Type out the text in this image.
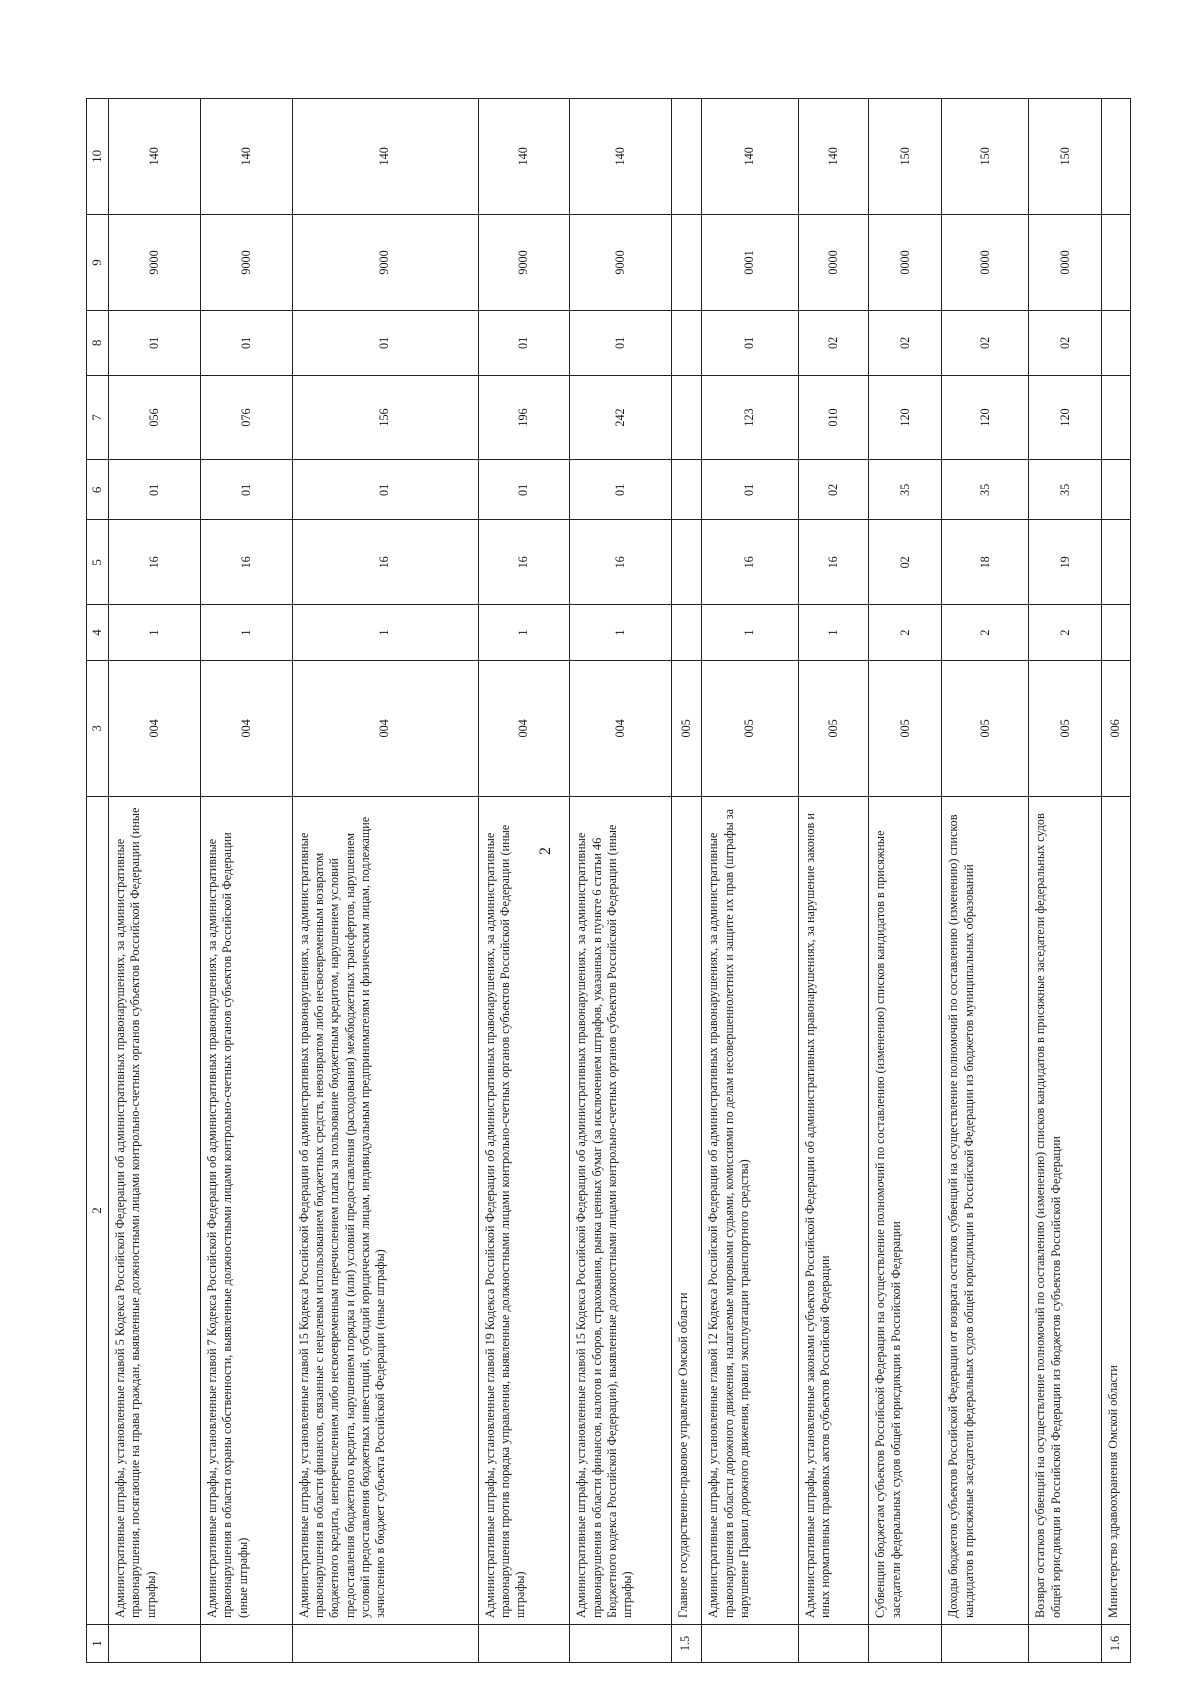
2
1	2	3	4	5	6	7	8	9	10
	Административные штрафы, установленные главой 5 Кодекса Российской Федерации об административных правонарушениях, за административные правонарушения, посягающие на права граждан, выявленные должностными лицами контрольно-счетных органов субъектов Российской Федерации (иные штрафы)	004	1	16	01	056	01	9000	140
	Административные штрафы, установленные главой 7 Кодекса Российской Федерации об административных правонарушениях, за административные правонарушения в области охраны собственности, выявленные должностными лицами контрольно-счетных органов субъектов Российской Федерации (иные штрафы)	004	1	16	01	076	01	9000	140
	Административные штрафы, установленные главой 15 Кодекса Российской Федерации об административных правонарушениях, за административные правонарушения в области финансов, связанные с нецелевым использованием бюджетных средств, невозвратом либо несвоевременным возвратом бюджетного кредита, неперечислением либо несвоевременным перечислением платы за пользование бюджетным кредитом, нарушением условий предоставления бюджетного кредита, нарушением порядка и (или) условий предоставления (расходования) межбюджетных трансфертов, нарушением условий предоставления бюджетных инвестиций, субсидий юридическим лицам, индивидуальным предпринимателям и физическим лицам, подлежащие зачислению в бюджет субъекта Российской Федерации (иные штрафы)	004	1	16	01	156	01	9000	140
	Административные штрафы, установленные главой 19 Кодекса Российской Федерации об административных правонарушениях, за административные правонарушения против порядка управления, выявленные должностными лицами контрольно-счетных органов субъектов Российской Федерации (иные штрафы)	004	1	16	01	196	01	9000	140
	Административные штрафы, установленные главой 15 Кодекса Российской Федерации об административных правонарушениях, за административные правонарушения в области финансов, налогов и сборов, страхования, рынка ценных бумаг (за исключением штрафов, указанных в пункте 6 статьи 46 Бюджетного кодекса Российской Федерации), выявленные должностными лицами контрольно-счетных органов субъектов Российской Федерации (иные штрафы)	004	1	16	01	242	01	9000	140
1.5	Главное государственно-правовое управление Омской области	005							
	Административные штрафы, установленные главой 12 Кодекса Российской Федерации об административных правонарушениях, за административные правонарушения в области дорожного движения, налагаемые мировыми судьями, комиссиями по делам несовершеннолетних и защите их прав (штрафы за нарушение Правил дорожного движения, правил эксплуатации транспортного средства)	005	1	16	01	123	01	0001	140
	Административные штрафы, установленные законами субъектов Российской Федерации об административных правонарушениях, за нарушение законов и иных нормативных правовых актов субъектов Российской Федерации	005	1	16	02	010	02	0000	140
	Субвенции бюджетам субъектов Российской Федерации на осуществление полномочий по составлению (изменению) списков кандидатов в присяжные заседатели федеральных судов общей юрисдикции в Российской Федерации	005	2	02	35	120	02	0000	150
	Доходы бюджетов субъектов Российской Федерации от возврата остатков субвенций на осуществление полномочий по составлению (изменению) списков кандидатов в присяжные заседатели федеральных судов общей юрисдикции в Российской Федерации из бюджетов муниципальных образований	005	2	18	35	120	02	0000	150
	Возврат остатков субвенций на осуществление полномочий по составлению (изменению) списков кандидатов в присяжные заседатели федеральных судов общей юрисдикции в Российской Федерации из бюджетов субъектов Российской Федерации	005	2	19	35	120	02	0000	150
1.6	Министерство здравоохранения Омской области	006							
